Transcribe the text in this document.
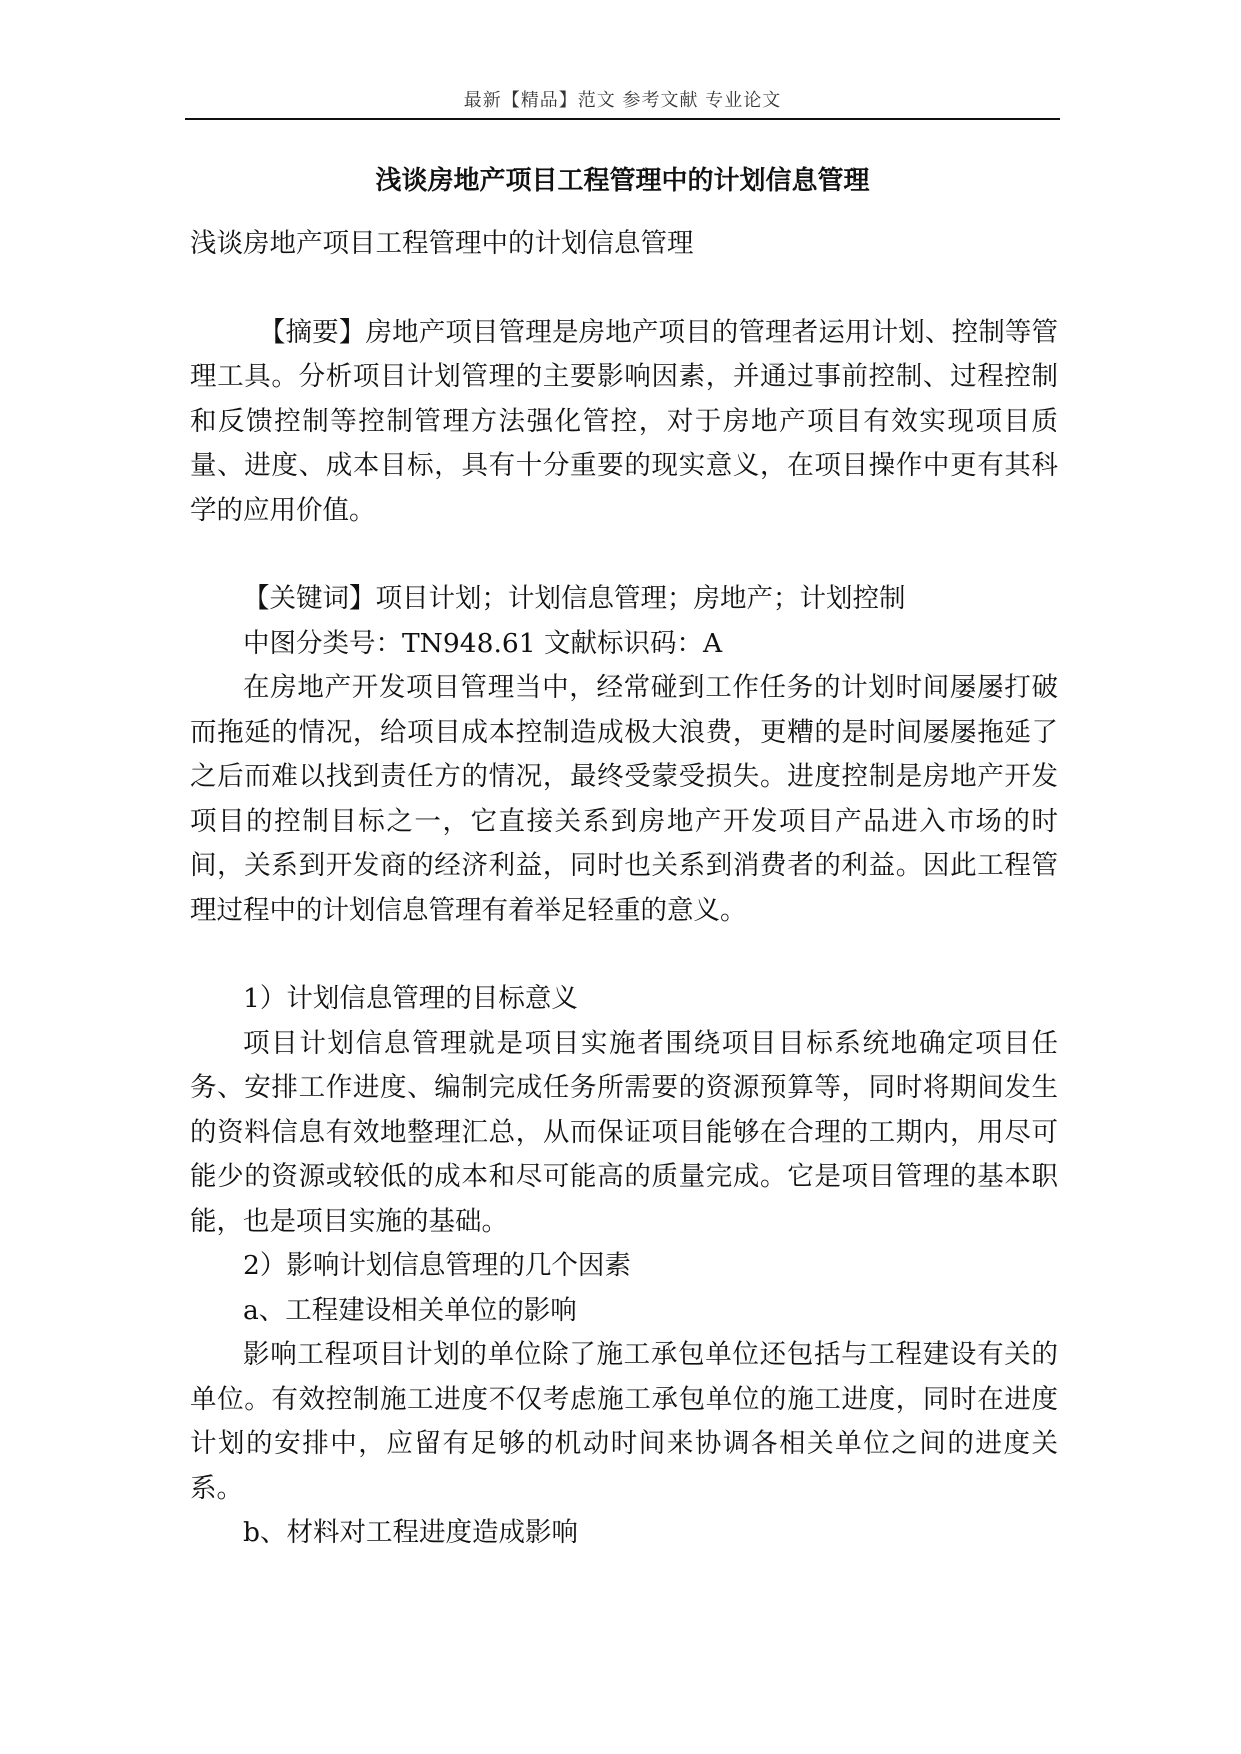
最新【精品】范文 参考文献 专业论文
浅谈房地产项目工程管理中的计划信息管理

浅谈房地产项目工程管理中的计划信息管理

【摘要】房地产项目管理是房地产项目的管理者运用计划、控制等管理工具。分析项目计划管理的主要影响因素，并通过事前控制、过程控制和反馈控制等控制管理方法强化管控，对于房地产项目有效实现项目质量、进度、成本目标，具有十分重要的现实意义，在项目操作中更有其科学的应用价值。

【关键词】项目计划；计划信息管理；房地产；计划控制

中图分类号：TN948.61 文献标识码：A

在房地产开发项目管理当中，经常碰到工作任务的计划时间屡屡打破而拖延的情况，给项目成本控制造成极大浪费，更糟的是时间屡屡拖延了之后而难以找到责任方的情况，最终受蒙受损失。进度控制是房地产开发项目的控制目标之一，它直接关系到房地产开发项目产品进入市场的时间，关系到开发商的经济利益，同时也关系到消费者的利益。因此工程管理过程中的计划信息管理有着举足轻重的意义。

1）计划信息管理的目标意义

项目计划信息管理就是项目实施者围绕项目目标系统地确定项目任务、安排工作进度、编制完成任务所需要的资源预算等，同时将期间发生的资料信息有效地整理汇总，从而保证项目能够在合理的工期内，用尽可能少的资源或较低的成本和尽可能高的质量完成。它是项目管理的基本职能，也是项目实施的基础。

2）影响计划信息管理的几个因素

a、工程建设相关单位的影响

影响工程项目计划的单位除了施工承包单位还包括与工程建设有关的单位。有效控制施工进度不仅考虑施工承包单位的施工进度，同时在进度计划的安排中，应留有足够的机动时间来协调各相关单位之间的进度关系。

b、材料对工程进度造成影响
